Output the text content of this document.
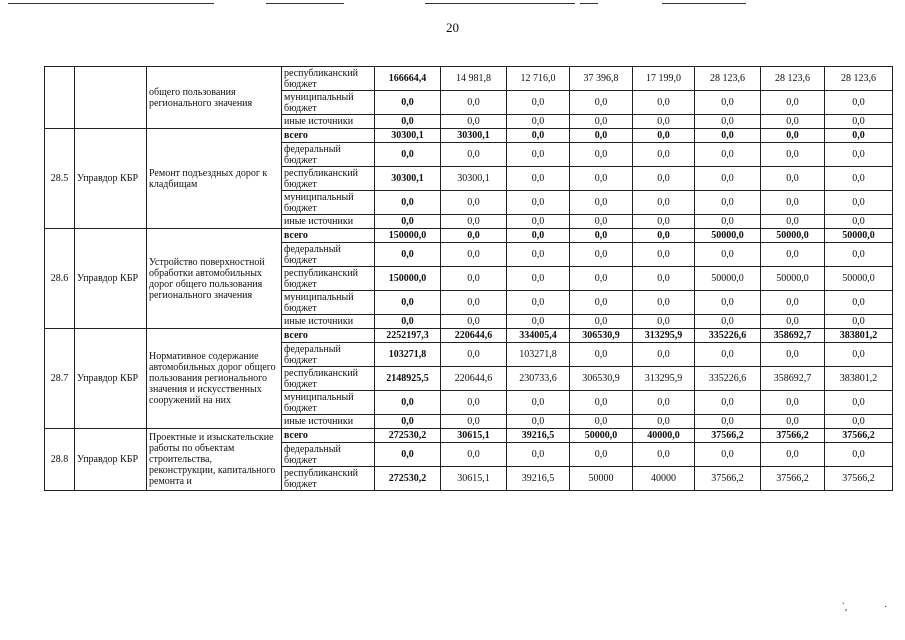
20
		общего пользования регионального значения	республиканский бюджет	166664,4	14 981,8	12 716,0	37 396,8	17 199,0	28 123,6	28 123,6	28 123,6
			муниципальный бюджет	0,0	0,0	0,0	0,0	0,0	0,0	0,0	0,0
			иные источники	0,0	0,0	0,0	0,0	0,0	0,0	0,0	0,0
28.5	Управдор КБР	Ремонт подъездных дорог к кладбищам	всего	30300,1	30300,1	0,0	0,0	0,0	0,0	0,0	0,0
			федеральный бюджет	0,0	0,0	0,0	0,0	0,0	0,0	0,0	0,0
			республиканский бюджет	30300,1	30300,1	0,0	0,0	0,0	0,0	0,0	0,0
			муниципальный бюджет	0,0	0,0	0,0	0,0	0,0	0,0	0,0	0,0
			иные источники	0,0	0,0	0,0	0,0	0,0	0,0	0,0	0,0
28.6	Управдор КБР	Устройство поверхностной обработки автомобильных дорог общего пользования регионального значения	всего	150000,0	0,0	0,0	0,0	0,0	50000,0	50000,0	50000,0
			федеральный бюджет	0,0	0,0	0,0	0,0	0,0	0,0	0,0	0,0
			республиканский бюджет	150000,0	0,0	0,0	0,0	0,0	50000,0	50000,0	50000,0
			муниципальный бюджет	0,0	0,0	0,0	0,0	0,0	0,0	0,0	0,0
			иные источники	0,0	0,0	0,0	0,0	0,0	0,0	0,0	0,0
28.7	Управдор КБР	Нормативное содержание автомобильных дорог общего пользования регионального значения и искусственных сооружений на них	всего	2252197,3	220644,6	334005,4	306530,9	313295,9	335226,6	358692,7	383801,2
			федеральный бюджет	103271,8	0,0	103271,8	0,0	0,0	0,0	0,0	0,0
			республиканский бюджет	2148925,5	220644,6	230733,6	306530,9	313295,9	335226,6	358692,7	383801,2
			муниципальный бюджет	0,0	0,0	0,0	0,0	0,0	0,0	0,0	0,0
			иные источники	0,0	0,0	0,0	0,0	0,0	0,0	0,0	0,0
28.8	Управдор КБР	Проектные и изыскательские работы по объектам строительства, реконструкции, капитального ремонта и	всего	272530,2	30615,1	39216,5	50000,0	40000,0	37566,2	37566,2	37566,2
			федеральный бюджет	0,0	0,0	0,0	0,0	0,0	0,0	0,0	0,0
			республиканский бюджет	272530,2	30615,1	39216,5	50000	40000	37566,2	37566,2	37566,2
‵‚	·
